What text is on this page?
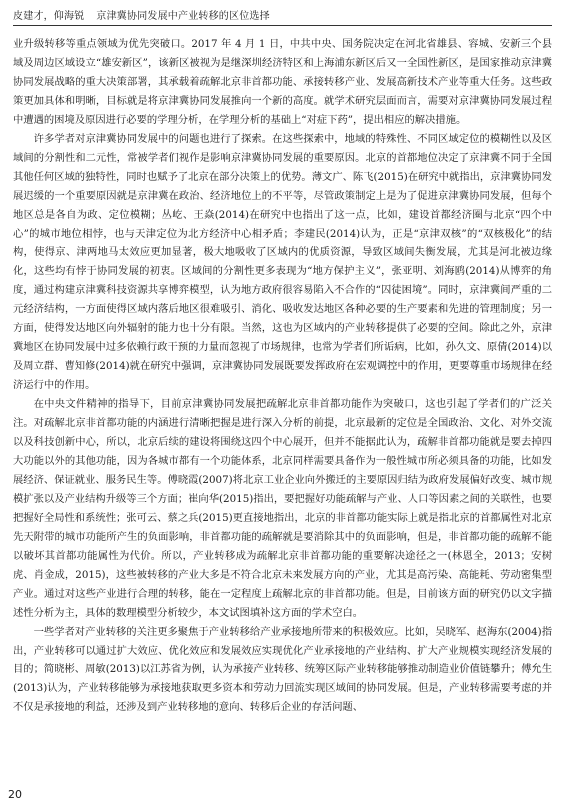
皮建才，仰海锐 京津冀协同发展中产业转移的区位选择

业升级转移等重点领域为优先突破口。2017 年 4 月 1 日，中共中央、国务院决定在河北省雄县、容城、安新三个县域及周边区域设立“雄安新区”，该新区被视为是继深圳经济特区和上海浦东新区后又一全国性新区，是国家推动京津冀协同发展战略的重大决策部署，其承载着疏解北京非首都功能、承接转移产业、发展高新技术产业等重大任务。这些政策更加具体和明晰，目标就是将京津冀协同发展推向一个新的高度。就学术研究层面而言，需要对京津冀协同发展过程中遭遇的困境及原因进行必要的学理分析，在学理分析的基础上“对症下药”，提出相应的解决措施。

许多学者对京津冀协同发展中的问题也进行了探索。在这些探索中，地域的特殊性、不同区域定位的模糊性以及区域间的分割性和二元性，常被学者们视作是影响京津冀协同发展的重要原因。北京的首都地位决定了京津冀不同于全国其他任何区域的独特性，同时也赋予了北京在部分决策上的优势。薄文广、陈飞(2015)在研究中就指出，京津冀协同发展迟缓的一个重要原因就是京津冀在政治、经济地位上的不平等，尽管政策制定上是为了促进京津冀协同发展，但每个地区总是各自为政、定位模糊；丛屹、王焱(2014)在研究中也指出了这一点，比如，建设首都经济圈与北京“四个中心”的城市地位相悖，也与天津定位为北方经济中心相矛盾；李建民(2014)认为，正是“京津双核”的“双核极化”的结构，使得京、津两地马太效应更加显著，极大地吸收了区域内的优质资源，导致区域间失衡发展，尤其是河北被边缘化，这些均有悖于协同发展的初衷。区域间的分割性更多表现为“地方保护主义”，张亚明、刘海鸥(2014)从博弈的角度，通过构建京津冀科技资源共享博弈模型，认为地方政府很容易陷入不合作的“囚徒困境”。同时，京津冀间严重的二元经济结构，一方面使得区域内落后地区很难吸引、消化、吸收发达地区各种必要的生产要素和先进的管理制度；另一方面，使得发达地区向外辐射的能力也十分有限。当然，这也为区域内的产业转移提供了必要的空间。除此之外，京津冀地区在协同发展中过多依赖行政干预的力量而忽视了市场规律，也常为学者们所诟病，比如，孙久文、原倩(2014)以及周立群、曹知修(2014)就在研究中强调，京津冀协同发展既要发挥政府在宏观调控中的作用，更要尊重市场规律在经济运行中的作用。

在中央文件精神的指导下，目前京津冀协同发展把疏解北京非首都功能作为突破口，这也引起了学者们的广泛关注。对疏解北京非首都功能的内涵进行清晰把握是进行深入分析的前提，北京最新的定位是全国政治、文化、对外交流以及科技创新中心，所以，北京后续的建设将围绕这四个中心展开，但并不能据此认为，疏解非首都功能就是要去掉四大功能以外的其他功能，因为各城市都有一个功能体系，北京同样需要具备作为一般性城市所必须具备的功能，比如发展经济、保证就业、服务民生等。傅晓霞(2007)将北京工业企业向外搬迁的主要原因归结为政府发展偏好改变、城市规模扩张以及产业结构升级等三个方面；崔向华(2015)指出，要把握好功能疏解与产业、人口等因素之间的关联性，也要把握好全局性和系统性；张可云、蔡之兵(2015)更直接地指出，北京的非首都功能实际上就是指北京的首都属性对北京先天附带的城市功能所产生的负面影响，非首都功能的疏解就是要消除其中的负面影响，但是，非首都功能的疏解不能以破坏其首都功能属性为代价。所以，产业转移成为疏解北京非首都功能的重要解决途径之一(林恩全，2013；安树虎、肖金成，2015)，这些被转移的产业大多是不符合北京未来发展方向的产业，尤其是高污染、高能耗、劳动密集型产业。通过对这些产业进行合理的转移，能在一定程度上疏解北京的非首都功能。但是，目前该方面的研究仍以文字描述性分析为主，具体的数理模型分析较少，本文试图填补这方面的学术空白。

一些学者对产业转移的关注更多聚焦于产业转移给产业承接地所带来的积极效应。比如，吴晓军、赵海东(2004)指出，产业转移可以通过扩大效应、优化效应和发展效应实现优化产业承接地的产业结构、扩大产业规模实现经济发展的目的；简晓彬、周敏(2013)以江苏省为例，认为承接产业转移、统筹区际产业转移能够推动制造业价值链攀升；傅允生(2013)认为，产业转移能够为承接地获取更多资本和劳动力回流实现区域间的协同发展。但是，产业转移需要考虑的并不仅是承接地的利益，还涉及到产业转移地的意向、转移后企业的存活问题、

20
